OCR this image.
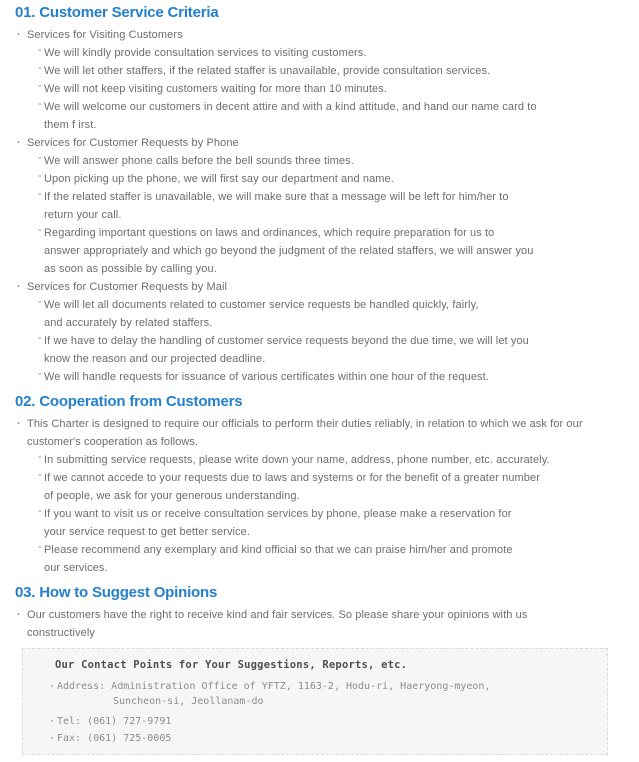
01. Customer Service Criteria
· Services for Visiting Customers
- We will kindly provide consultation services to visiting customers.
- We will let other staffers, if the related staffer is unavailable, provide consultation services.
- We will not keep visiting customers waiting for more than 10 minutes.
- We will welcome our customers in decent attire and with a kind attitude, and hand our name card to
them f irst.
· Services for Customer Requests by Phone
- We will answer phone calls before the bell sounds three times.
- Upon picking up the phone, we will first say our department and name.
- If the related staffer is unavailable, we will make sure that a message will be left for him/her to
return your call.
- Regarding important questions on laws and ordinances, which require preparation for us to
answer appropriately and which go beyond the judgment of the related staffers, we will answer you
as soon as possible by calling you.
· Services for Customer Requests by Mail
- We will let all documents related to customer service requests be handled quickly, fairly,
and accurately by related staffers.
- If we have to delay the handling of customer service requests beyond the due time, we will let you
know the reason and our projected deadline.
- We will handle requests for issuance of various certificates within one hour of the request.
02. Cooperation from Customers
· This Charter is designed to require our officials to perform their duties reliably, in relation to which we ask for our
customer's cooperation as follows.
- In submitting service requests, please write down your name, address, phone number, etc. accurately.
- If we cannot accede to your requests due to laws and systems or for the benefit of a greater number
of people, we ask for your generous understanding.
- If you want to visit us or receive consultation services by phone, please make a reservation for
your service request to get better service.
- Please recommend any exemplary and kind official so that we can praise him/her and promote
our services.
03. How to Suggest Opinions
· Our customers have the right to receive kind and fair services. So please share your opinions with us
constructively
Our Contact Points for Your Suggestions, Reports, etc.
· Address: Administration Office of YFTZ, 1163-2, Hodu-ri, Haeryong-myeon,
Suncheon-si, Jeollanam-do
· Tel: (061) 727-9791
· Fax: (061) 725-0005
